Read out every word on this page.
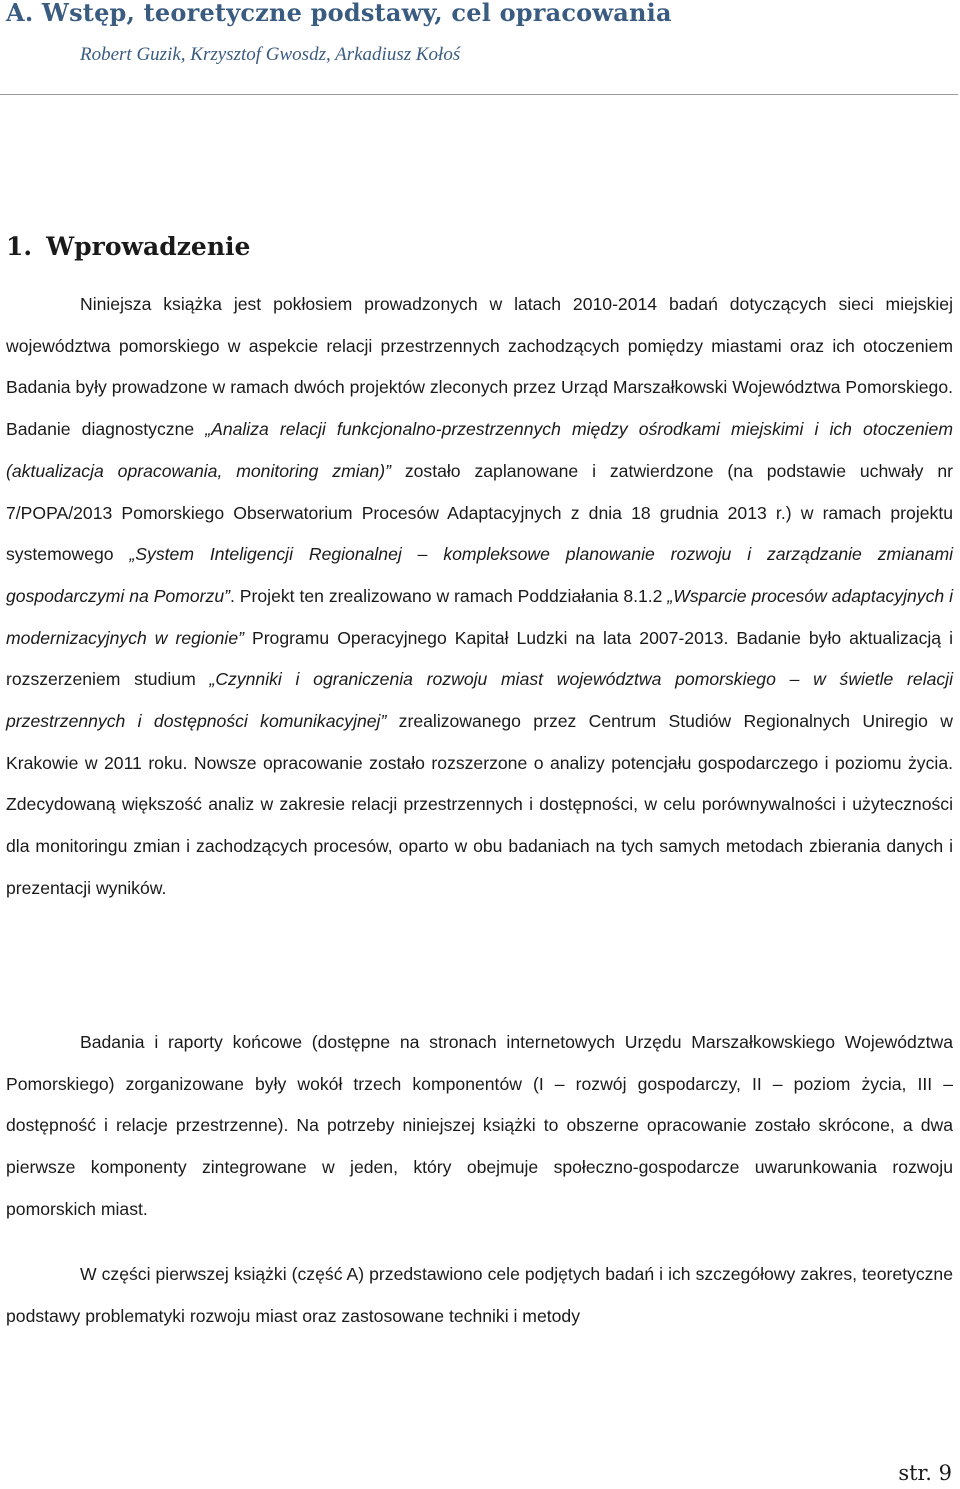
A. Wstęp, teoretyczne podstawy, cel opracowania
Robert Guzik, Krzysztof Gwosdz, Arkadiusz Kołoś
1. Wprowadzenie

Niniejsza książka jest pokłosiem prowadzonych w latach 2010-2014 badań dotyczących sieci miejskiej województwa pomorskiego w aspekcie relacji przestrzennych zachodzących pomiędzy miastami oraz ich otoczeniem Badania były prowadzone w ramach dwóch projektów zleconych przez Urząd Marszałkowski Województwa Pomorskiego. Badanie diagnostyczne „Analiza relacji funkcjonalno-przestrzennych między ośrodkami miejskimi i ich otoczeniem (aktualizacja opracowania, monitoring zmian)” zostało zaplanowane i zatwierdzone (na podstawie uchwały nr 7/POPA/2013 Pomorskiego Obserwatorium Procesów Adaptacyjnych z dnia 18 grudnia 2013 r.) w ramach projektu systemowego „System Inteligencji Regionalnej – kompleksowe planowanie rozwoju i zarządzanie zmianami gospodarczymi na Pomorzu”. Projekt ten zrealizowano w ramach Poddziałania 8.1.2 „Wsparcie procesów adaptacyjnych i modernizacyjnych w regionie” Programu Operacyjnego Kapitał Ludzki na lata 2007-2013. Badanie było aktualizacją i rozszerzeniem studium „Czynniki i ograniczenia rozwoju miast województwa pomorskiego – w świetle relacji przestrzennych i dostępności komunikacyjnej” zrealizowanego przez Centrum Studiów Regionalnych Uniregio w Krakowie w 2011 roku. Nowsze opracowanie zostało rozszerzone o analizy potencjału gospodarczego i poziomu życia. Zdecydowaną większość analiz w zakresie relacji przestrzennych i dostępności, w celu porównywalności i użyteczności dla monitoringu zmian i zachodzących procesów, oparto w obu badaniach na tych samych metodach zbierania danych i prezentacji wyników.

Badania i raporty końcowe (dostępne na stronach internetowych Urzędu Marszałkowskiego Województwa Pomorskiego) zorganizowane były wokół trzech komponentów (I – rozwój gospodarczy, II – poziom życia, III – dostępność i relacje przestrzenne). Na potrzeby niniejszej książki to obszerne opracowanie zostało skrócone, a dwa pierwsze komponenty zintegrowane w jeden, który obejmuje społeczno-gospodarcze uwarunkowania rozwoju pomorskich miast.

W części pierwszej książki (część A) przedstawiono cele podjętych badań i ich szczegółowy zakres, teoretyczne podstawy problematyki rozwoju miast oraz zastosowane techniki i metody

str. 9
